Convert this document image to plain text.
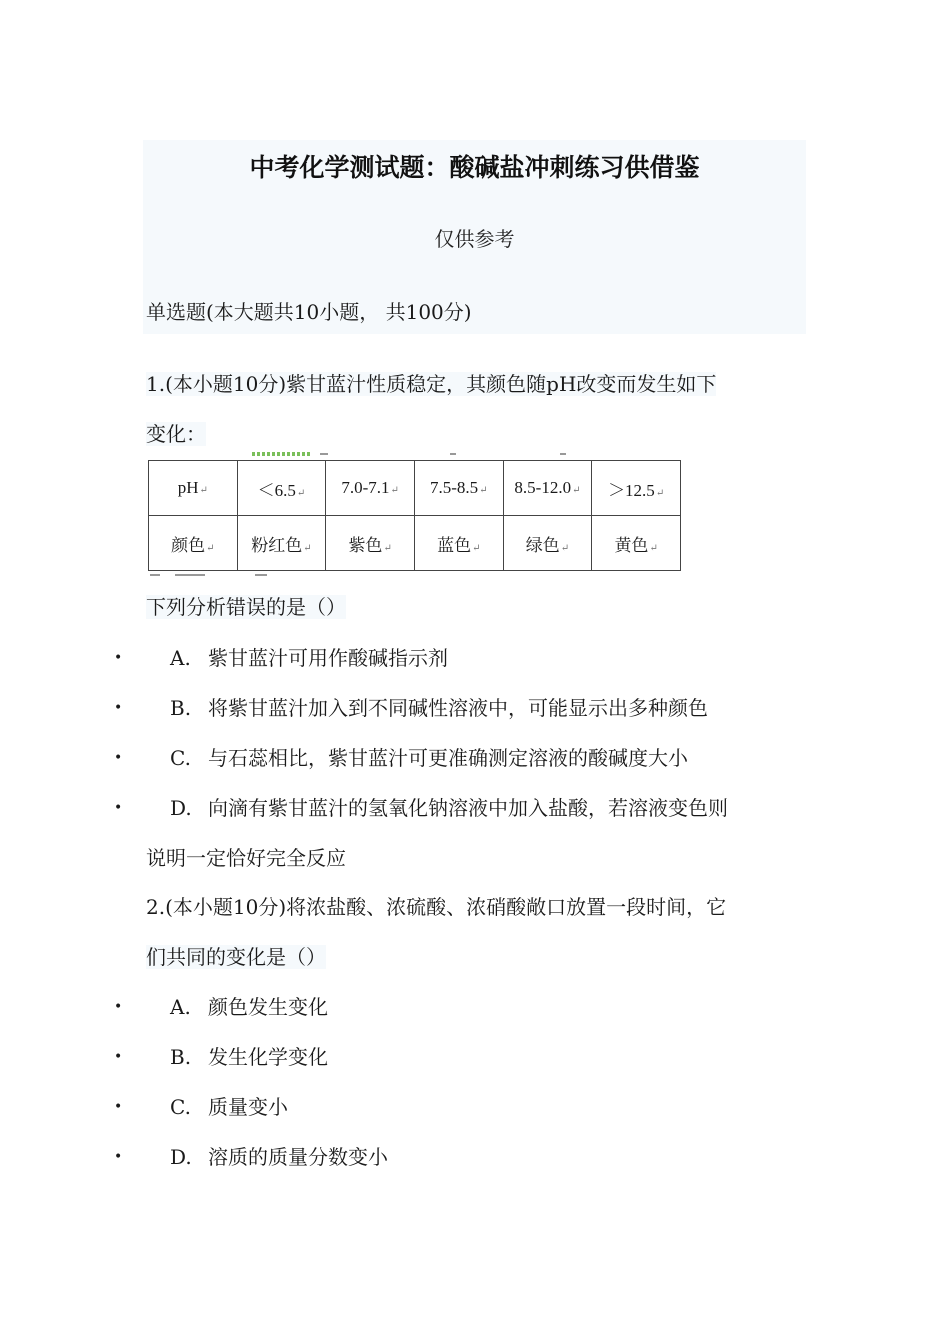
中考化学测试题：酸碱盐冲刺练习供借鉴
仅供参考
单选题(本大题共10小题， 共100分)
1.(本小题10分)紫甘蓝汁性质稳定，其颜色随pH改变而发生如下
变化：
pH↵	＜6.5↵	7.0-7.1↵	7.5-8.5↵	8.5-12.0↵	＞12.5↵
颜色↵	粉红色↵	紫色↵	蓝色↵	绿色↵	黄色↵
下列分析错误的是（）
• A. 紫甘蓝汁可用作酸碱指示剂
• B. 将紫甘蓝汁加入到不同碱性溶液中，可能显示出多种颜色
• C. 与石蕊相比，紫甘蓝汁可更准确测定溶液的酸碱度大小
• D. 向滴有紫甘蓝汁的氢氧化钠溶液中加入盐酸，若溶液变色则
说明一定恰好完全反应
2.(本小题10分)将浓盐酸、浓硫酸、浓硝酸敞口放置一段时间，它
们共同的变化是（）
• A. 颜色发生变化
• B. 发生化学变化
• C. 质量变小
• D. 溶质的质量分数变小
